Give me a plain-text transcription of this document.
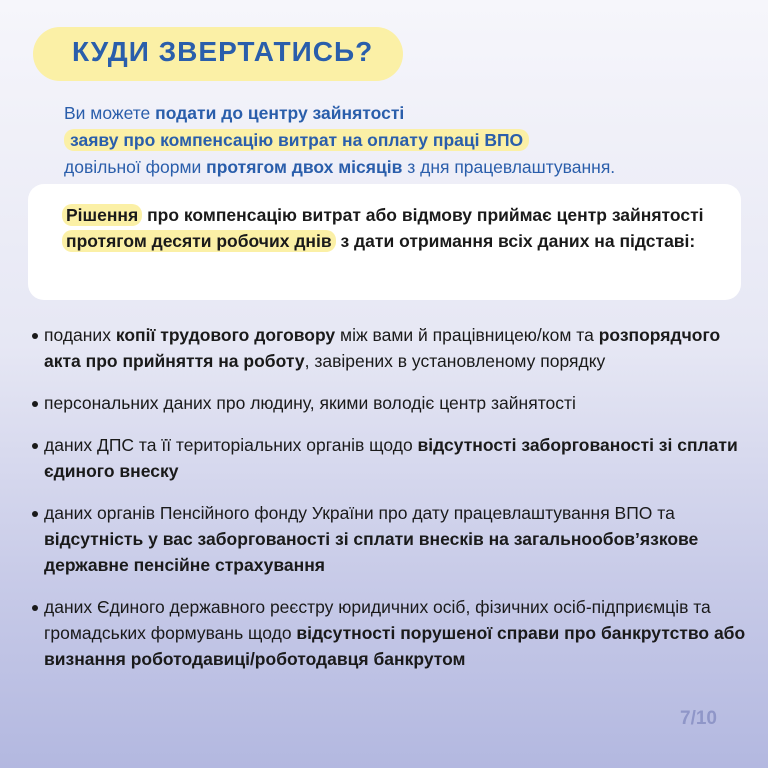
КУДИ ЗВЕРТАТИСЬ?
Ви можете подати до центру зайнятості
заяву про компенсацію витрат на оплату праці ВПО
довільної форми протягом двох місяців з дня працевлаштування.
Рішення про компенсацію витрат або відмову приймає центр зайнятості протягом десяти робочих днів з дати отримання всіх даних на підставі:
поданих копії трудового договору між вами й працівницею/ком та розпорядчого акта про прийняття на роботу, завірених в установленому порядку
персональних даних про людину, якими володіє центр зайнятості
даних ДПС та її територіальних органів щодо відсутності заборгованості зі сплати єдиного внеску
даних органів Пенсійного фонду України про дату працевлаштування ВПО та відсутність у вас заборгованості зі сплати внесків на загальнообов’язкове державне пенсійне страхування
даних Єдиного державного реєстру юридичних осіб, фізичних осіб-підприємців та громадських формувань щодо відсутності порушеної справи про банкрутство або визнання роботодавиці/роботодавця банкрутом
7/10
